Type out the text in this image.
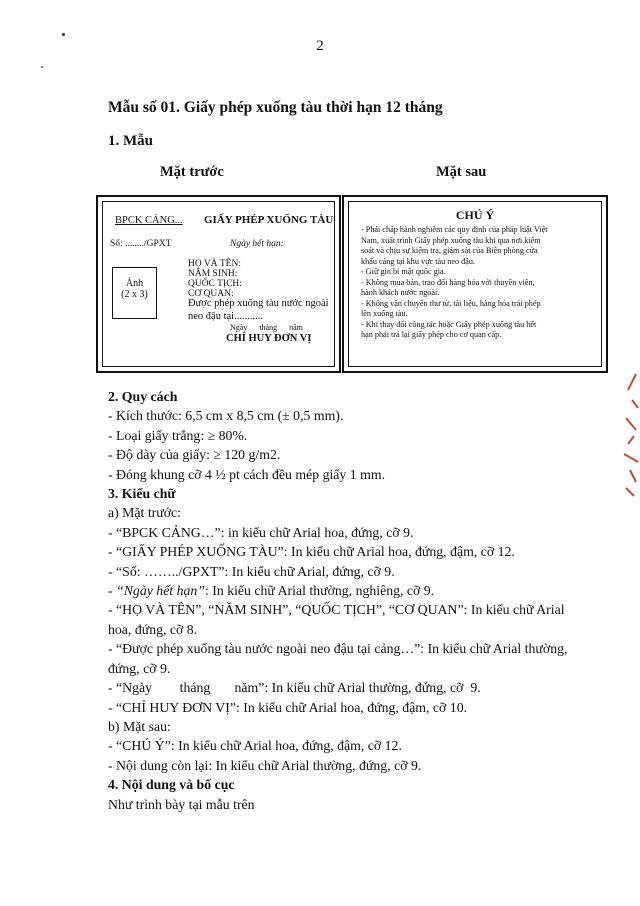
2
Mẫu số 01. Giấy phép xuống tàu thời hạn 12 tháng
1. Mẫu
Mặt trước	Mặt sau
BPCK CẢNG... GIẤY PHÉP XUỐNG TÀU
Số: ......../GPXT	Ngày hết hạn:
Ảnh
(2 x 3)
HỌ VÀ TÊN:
NĂM SINH:
QUỐC TỊCH:
CƠ QUAN:
Được phép xuống tàu nước ngoài
neo đậu tại...........
Ngày      tháng      năm
CHỈ HUY ĐƠN VỊ
CHÚ Ý
- Phải chấp hành nghiêm các quy định của pháp luật Việt
Nam, xuất trình Giấy phép xuống tàu khi qua nơi kiểm
soát và chịu sự kiểm tra, giám sát của Biên phòng cửa
khẩu cảng tại khu vực tàu neo đậu.
- Giữ gìn bí mật quốc gia.
- Không mua bán, trao đổi hàng hóa với thuyền viên,
hành khách nước ngoài.
- Không vận chuyển thư từ, tài liệu, hàng hóa trái phép
lên xuống tàu.
- Khi thay đổi công tác hoặc Giấy phép xuống tàu hết
hạn phải trả lại giấy phép cho cơ quan cấp.

2. Quy cách

- Kích thước: 6,5 cm x 8,5 cm (± 0,5 mm).

- Loại giấy trắng: ≥ 80%.

- Độ dày của giấy: ≥ 120 g/m2.

- Đóng khung cỡ 4 ½ pt cách đều mép giấy 1 mm.

3. Kiểu chữ

a) Mặt trước:

- “BPCK CẢNG…”: in kiểu chữ Arial hoa, đứng, cỡ 9.

- “GIẤY PHÉP XUỐNG TÀU”: In kiểu chữ Arial hoa, đứng, đậm, cỡ 12.

- “Số: ……../GPXT”: In kiểu chữ Arial, đứng, cỡ 9.

- “Ngày hết hạn”: In kiểu chữ Arial thường, nghiêng, cỡ 9.

- “HỌ VÀ TÊN”, “NĂM SINH”, “QUỐC TỊCH”, “CƠ QUAN”: In kiểu chữ Arial

hoa, đứng, cỡ 8.

- “Được phép xuống tàu nước ngoài neo đậu tại cảng…”: In kiểu chữ Arial thường,

đứng, cỡ 9.

- “Ngày        tháng       năm”: In kiểu chữ Arial thường, đứng, cỡ  9.

- “CHỈ HUY ĐƠN VỊ”: In kiểu chữ Arial hoa, đứng, đậm, cỡ 10.

b) Mặt sau:

- “CHÚ Ý”: In kiểu chữ Arial hoa, đứng, đậm, cỡ 12.

- Nội dung còn lại: In kiểu chữ Arial thường, đứng, cỡ 9.

4. Nội dung và bố cục

Như trình bày tại mẫu trên
